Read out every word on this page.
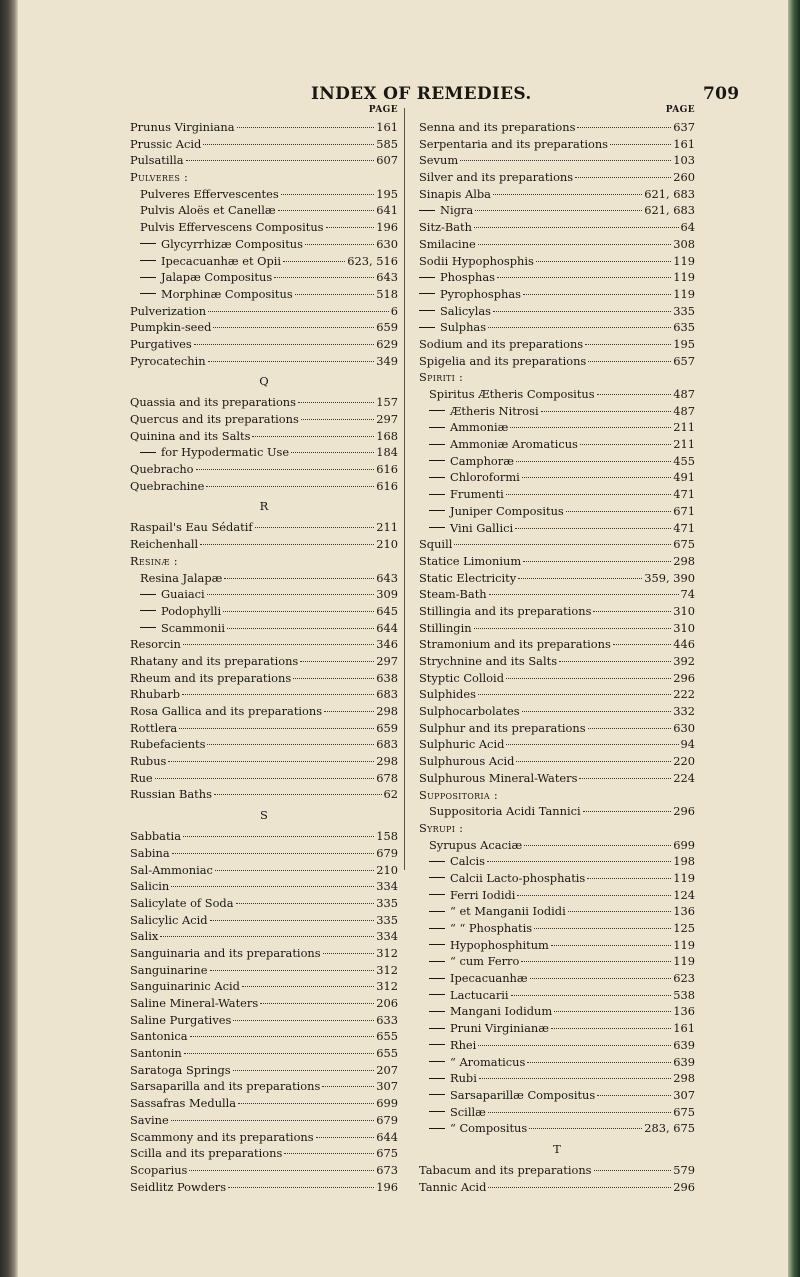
INDEX OF REMEDIES.	709
PAGE
Prunus Virginiana	161
Prussic Acid	585
Pulsatilla	607
Pulveres :
Pulveres Effervescentes	195
Pulvis Aloës et Canellæ	641
Pulvis Effervescens Compositus	196
Glycyrrhizæ Compositus	630
Ipecacuanhæ et Opii	623, 516
Jalapæ Compositus	643
Morphinæ Compositus	518
Pulverization	6
Pumpkin-seed	659
Purgatives	629
Pyrocatechin	349
Q
Quassia and its preparations	157
Quercus and its preparations	297
Quinina and its Salts	168
for Hypodermatic Use	184
Quebracho	616
Quebrachine	616
R
Raspail's Eau Sédatif	211
Reichenhall	210
Resinæ :
Resina Jalapæ	643
Guaiaci	309
Podophylli	645
Scammonii	644
Resorcin	346
Rhatany and its preparations	297
Rheum and its preparations	638
Rhubarb	683
Rosa Gallica and its preparations	298
Rottlera	659
Rubefacients	683
Rubus	298
Rue	678
Russian Baths	62
S
Sabbatia	158
Sabina	679
Sal-Ammoniac	210
Salicin	334
Salicylate of Soda	335
Salicylic Acid	335
Salix	334
Sanguinaria and its preparations	312
Sanguinarine	312
Sanguinarinic Acid	312
Saline Mineral-Waters	206
Saline Purgatives	633
Santonica	655
Santonin	655
Saratoga Springs	207
Sarsaparilla and its preparations	307
Sassafras Medulla	699
Savine	679
Scammony and its preparations	644
Scilla and its preparations	675
Scoparius	673
Seidlitz Powders	196
PAGE
Senna and its preparations	637
Serpentaria and its preparations	161
Sevum	103
Silver and its preparations	260
Sinapis Alba	621, 683
Nigra	621, 683
Sitz-Bath	64
Smilacine	308
Sodii Hypophosphis	119
Phosphas	119
Pyrophosphas	119
Salicylas	335
Sulphas	635
Sodium and its preparations	195
Spigelia and its preparations	657
Spiriti :
Spiritus Ætheris Compositus	487
Ætheris Nitrosi	487
Ammoniæ	211
Ammoniæ Aromaticus	211
Camphoræ	455
Chloroformi	491
Frumenti	471
Juniper Compositus	671
Vini Gallici	471
Squill	675
Statice Limonium	298
Static Electricity	359, 390
Steam-Bath	74
Stillingia and its preparations	310
Stillingin	310
Stramonium and its preparations	446
Strychnine and its Salts	392
Styptic Colloid	296
Sulphides	222
Sulphocarbolates	332
Sulphur and its preparations	630
Sulphuric Acid	94
Sulphurous Acid	220
Sulphurous Mineral-Waters	224
Suppositoria :
Suppositoria Acidi Tannici	296
Syrupi :
Syrupus Acaciæ	699
Calcis	198
Calcii Lacto-phosphatis	119
Ferri Iodidi	124
“ et Manganii Iodidi	136
“ “ Phosphatis	125
Hypophosphitum	119
“ cum Ferro	119
Ipecacuanhæ	623
Lactucarii	538
Mangani Iodidum	136
Pruni Virginianæ	161
Rhei	639
“ Aromaticus	639
Rubi	298
Sarsaparillæ Compositus	307
Scillæ	675
“ Compositus	283, 675
T
Tabacum and its preparations	579
Tannic Acid	296
